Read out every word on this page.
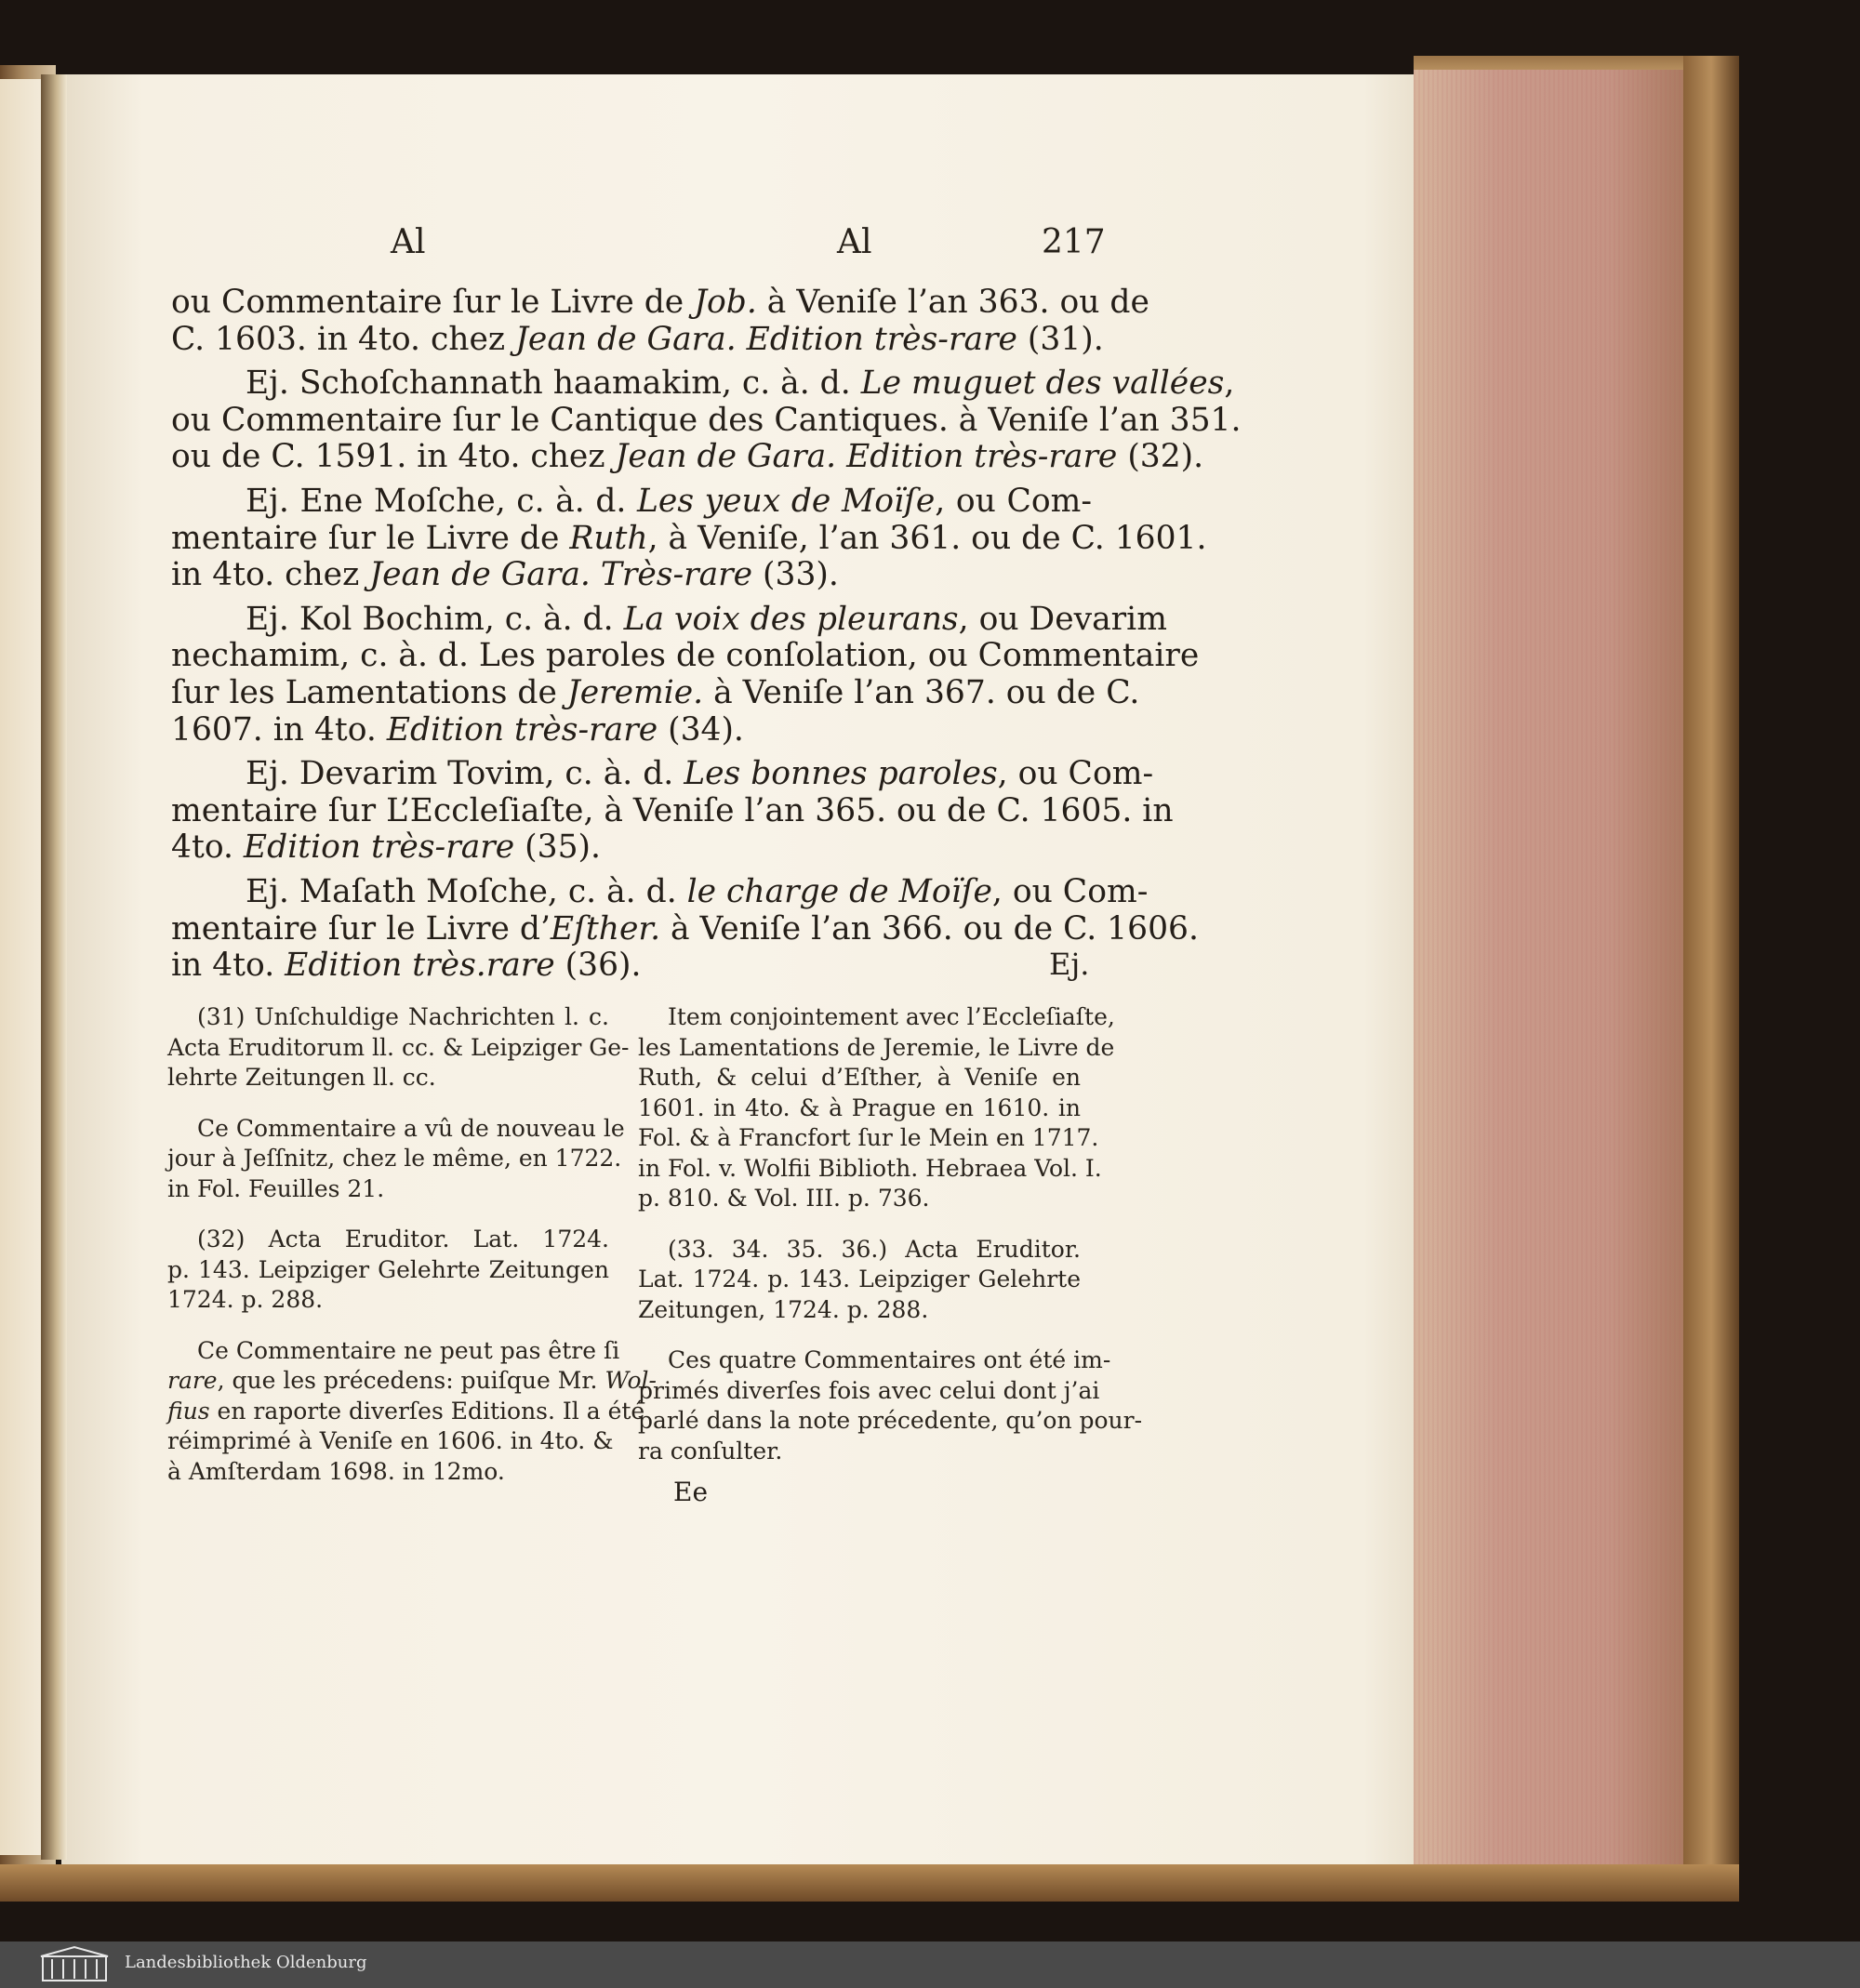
Al	Al	217
ou Commentaire ſur le Livre de Job. à Veniſe l’an 363. ou de
C. 1603. in 4to. chez Jean de Gara. Edition très-rare (31).
Ej. Schoſchannath haamakim, c. à. d. Le muguet des vallées
ou Commentaire ſur le Cantique des Cantiques. à Veniſe l’an 351.
ou de C. 1591. in 4to. chez Jean de Gara. Edition très-rare
Ej. Ene Moſche, c. à. d. Les yeux de Moïſe, ou Com-
mentaire ſur le Livre de Ruth, à Veniſe, l’an 361. ou de C. 1601.
in 4to. chez Jean de Gara. Très-rare (33).
Ej. Kol Bochim, c. à. d. La voix des pleurans, ou Devarim
nechamim, c. à. d. Les paroles de conſolation, ou Commentaire
ſur les Lamentations de Jeremie. à Veniſe l’an 367. ou de C.
1607. in 4to. Edition très-rare (34).
Ej. Devarim Tovim, c. à. d. Les bonnes paroles, ou Com-
mentaire ſur L’Eccleſiaſte, à Veniſe l’an 365. ou de C. 1605. in
4to. Edition très-rare (35).
Ej. Maſath Moſche, c. à. d. le charge de Moïſe, ou Com-
mentaire ſur le Livre d’Eſther. à Veniſe l’an 366. ou de C. 1606.
in 4to. Edition très.rare (36).	Ej.
(31) Unſchuldige Nachrichten l. c.
Acta Eruditorum ll. cc. & Leipziger Ge-
lehrte Zeitungen ll. cc.
Ce Commentaire a vû de nouveau le
jour à Jeſſnitz, chez le même, en 1722.
in Fol. Feuilles 21.
(32) Acta Eruditor. Lat. 1724.
p. 143. Leipziger Gelehrte Zeitungen
1724. p. 288.
Ce Commentaire ne peut pas être ſi
rare, que les précedens: puiſque Mr. Wol-
fius en raporte diverſes Editions. Il a été
réimprimé à Veniſe en 1606. in 4to. &
à Amſterdam 1698. in 12mo.
Item conjointement avec l’Eccleſiaſte,
les Lamentations de Jeremie, le Livre de
Ruth, & celui d’Eſther, à Veniſe en
1601. in 4to. & à Prague en 1610. in
Fol. & à Francfort ſur le Mein en 1717.
in Fol. v. Wolfii Biblioth. Hebraea Vol. I.
p. 810. & Vol. III. p. 736.
(33. 34. 35. 36.) Acta Eruditor.
Lat. 1724. p. 143. Leipziger Gelehrte
Zeitungen, 1724. p. 288.
Ces quatre Commentaires ont été im-
primés diverſes fois avec celui dont j’ai
parlé dans la note précedente, qu’on pour-
ra conſulter.
Ee
Landesbibliothek Oldenburg
